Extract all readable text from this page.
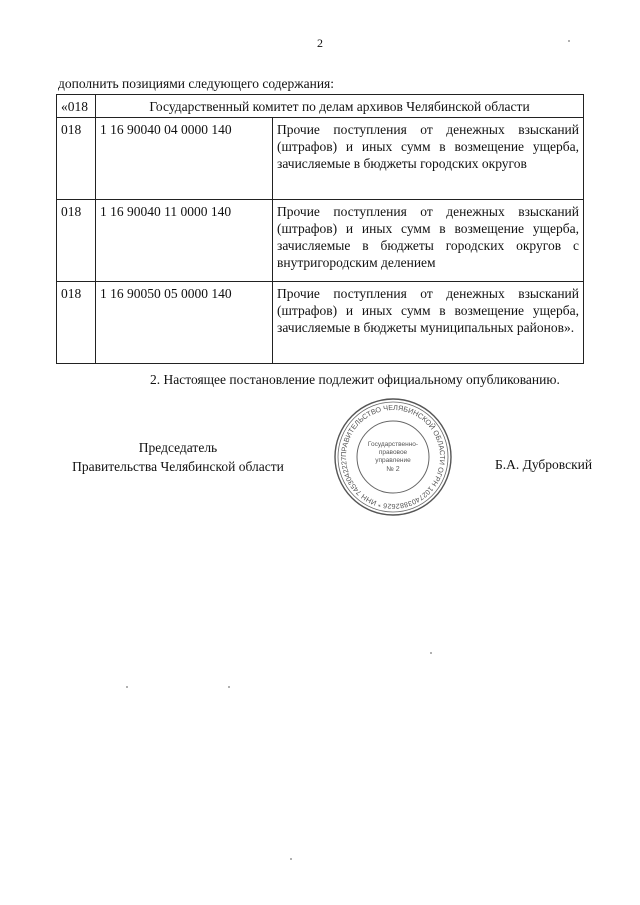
2
дополнить позициями следующего содержания:
«018	Государственный комитет по делам архивов Челябинской области	
018	1 16 90040 04 0000 140	Прочие поступления от денежных взысканий (штрафов) и иных сумм в возмещение ущерба, зачисляемые в бюджеты городских округов
018	1 16 90040 11 0000 140	Прочие поступления от денежных взысканий (штрафов) и иных сумм в возмещение ущерба, зачисляемые в бюджеты городских округов с внутригородским делением
018	1 16 90050 05 0000 140	Прочие поступления от денежных взысканий (штрафов) и иных сумм в возмещение ущерба, зачисляемые в бюджеты муниципальных районов».
2. Настоящее постановление подлежит официальному опубликованию.
Председатель
Правительства Челябинской области
ПРАВИТЕЛЬСТВО ЧЕЛЯБИНСКОЙ ОБЛАСТИ ОГРН 1027403882626 * ИНН 7453042227
Государственно-
правовое
управление
№ 2	Б.А. Дубровский
